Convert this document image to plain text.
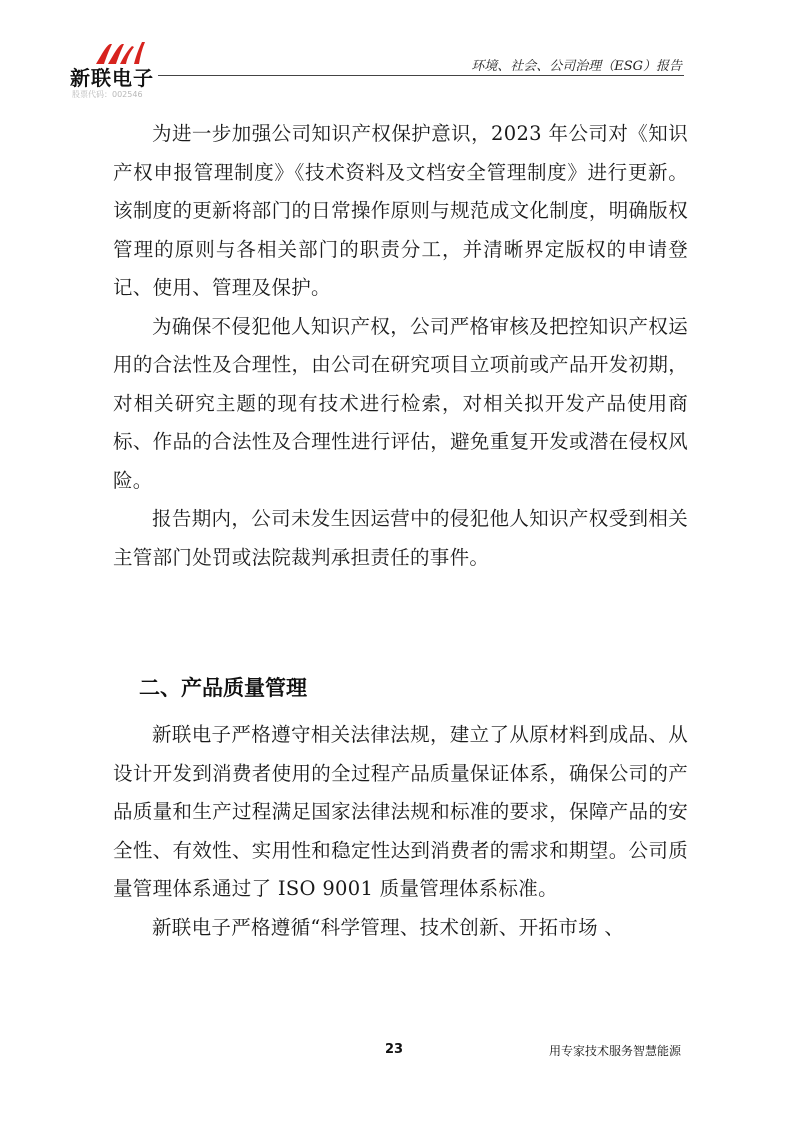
新联电子
股票代码：002546
环境、社会、公司治理（ESG）报告

为进一步加强公司知识产权保护意识，2023 年公司对《知识产权申报管理制度》《技术资料及文档安全管理制度》进行更新。该制度的更新将部门的日常操作原则与规范成文化制度，明确版权管理的原则与各相关部门的职责分工，并清晰界定版权的申请登记、使用、管理及保护。

为确保不侵犯他人知识产权，公司严格审核及把控知识产权运用的合法性及合理性，由公司在研究项目立项前或产品开发初期，对相关研究主题的现有技术进行检索，对相关拟开发产品使用商标、作品的合法性及合理性进行评估，避免重复开发或潜在侵权风险。

报告期内，公司未发生因运营中的侵犯他人知识产权受到相关主管部门处罚或法院裁判承担责任的事件。

二、产品质量管理

新联电子严格遵守相关法律法规，建立了从原材料到成品、从设计开发到消费者使用的全过程产品质量保证体系，确保公司的产品质量和生产过程满足国家法律法规和标准的要求，保障产品的安全性、有效性、实用性和稳定性达到消费者的需求和期望。公司质量管理体系通过了 ISO 9001 质量管理体系标准。

新联电子严格遵循“科学管理、技术创新、开拓市场 、

23	用专家技术服务智慧能源
